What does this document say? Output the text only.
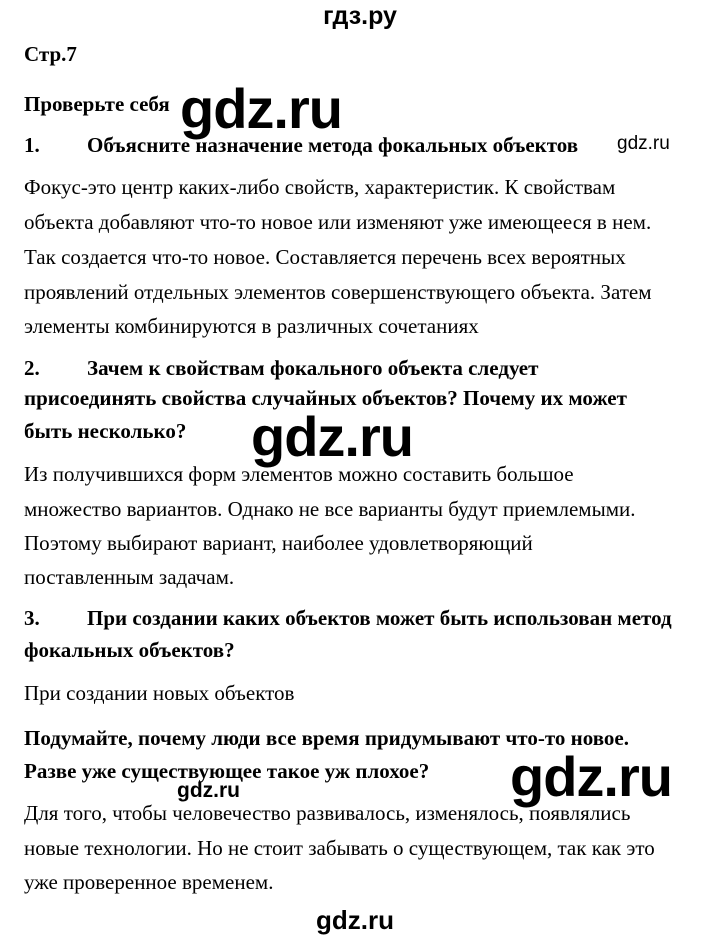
гдз.ру
Стр.7
Проверьте себя
1. Объясните назначение метода фокальных объектов
Фокус-это центр каких-либо свойств, характеристик. К свойствам
объекта добавляют что-то новое или изменяют уже имеющееся в нем.
Так создается что-то новое. Составляется перечень всех вероятных
проявлений отдельных элементов совершенствующего объекта. Затем
элементы комбинируются в различных сочетаниях
2. Зачем к свойствам фокального объекта следует
присоединять свойства случайных объектов? Почему их может
быть несколько?
Из получившихся форм элементов можно составить большое
множество вариантов. Однако не все варианты будут приемлемыми.
Поэтому выбирают вариант, наиболее удовлетворяющий
поставленным задачам.
3. При создании каких объектов может быть использован метод
фокальных объектов?
При создании новых объектов
Подумайте, почему люди все время придумывают что-то новое.
Разве уже существующее такое уж плохое?
Для того, чтобы человечество развивалось, изменялось, появлялись
новые технологии. Но не стоит забывать о существующем, так как это
уже проверенное временем.
gdz.ru
gdz.ru
gdz.ru
gdz.ru
gdz.ru
gdz.ru
